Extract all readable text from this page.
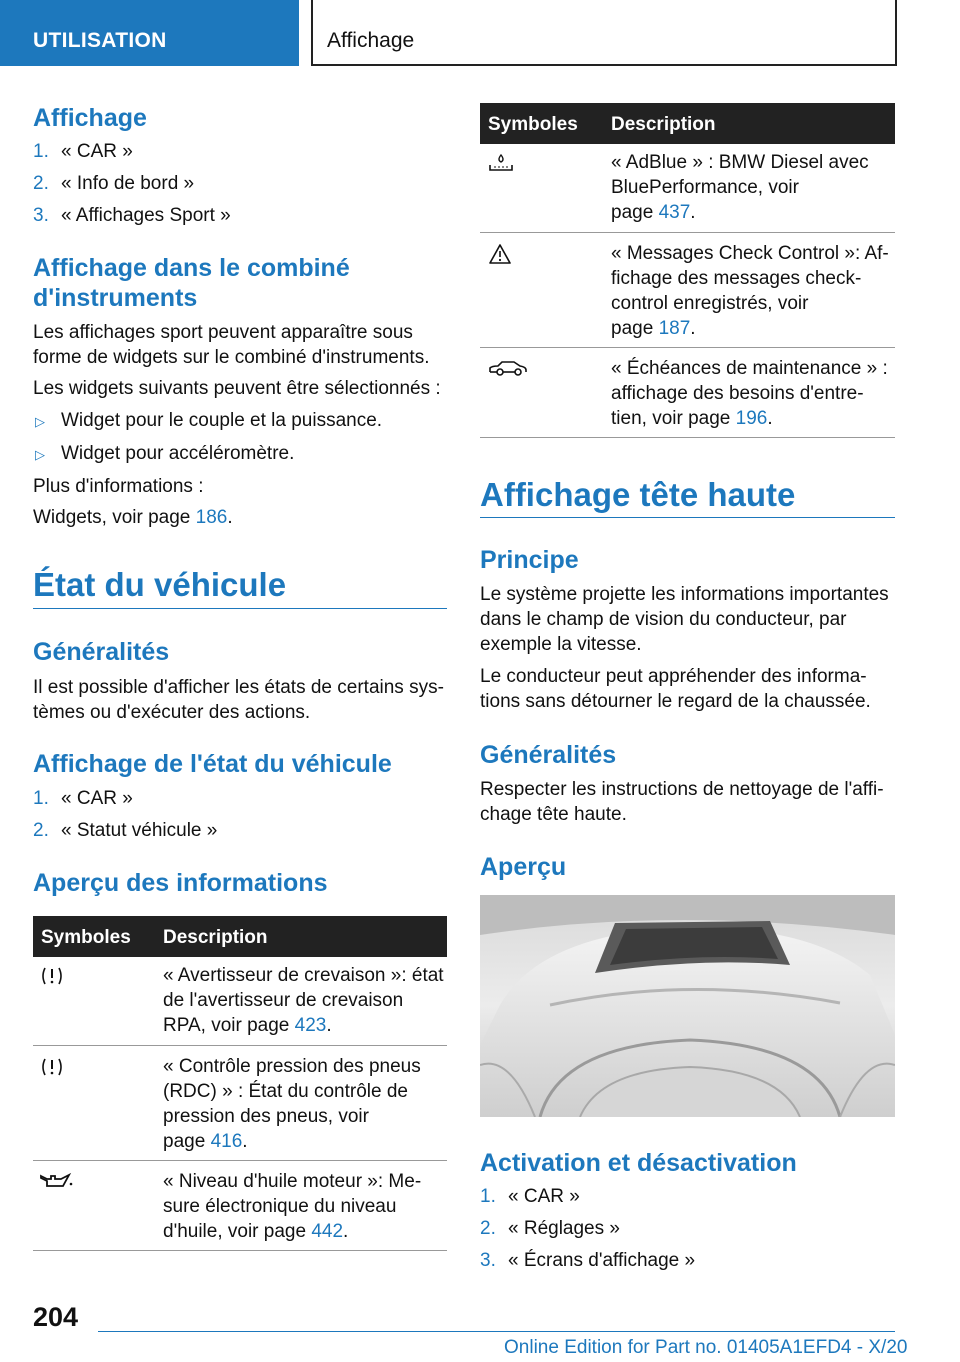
UTILISATION	Affichage
Affichage
1. « CAR »
2. « Info de bord »
3. « Affichages Sport »
Affichage dans le combiné
d'instruments
Les affichages sport peuvent apparaître sous
forme de widgets sur le combiné d'instruments.
Les widgets suivants peuvent être sélectionnés :
▷ Widget pour le couple et la puissance.
▷ Widget pour accéléromètre.
Plus d'informations :
Widgets, voir page 186.
État du véhicule
Généralités
Il est possible d'afficher les états de certains sys-
tèmes ou d'exécuter des actions.
Affichage de l'état du véhicule
1. « CAR »
2. « Statut véhicule »
Aperçu des informations
Symboles Description
« Avertisseur de crevaison »: état
de l'avertisseur de crevaison
RPA, voir page 423.
« Contrôle pression des pneus
(RDC) » : État du contrôle de
pression des pneus, voir
page 416.
« Niveau d'huile moteur »: Me-
sure électronique du niveau
d'huile, voir page 442.
Symboles Description
« AdBlue » : BMW Diesel avec
BluePerformance, voir
page 437.
« Messages Check Control »: Af-
fichage des messages check-
control enregistrés, voir
page 187.
« Échéances de maintenance » :
affichage des besoins d'entre-
tien, voir page 196.
Affichage tête haute
Principe
Le système projette les informations importantes
dans le champ de vision du conducteur, par
exemple la vitesse.
Le conducteur peut appréhender des informa-
tions sans détourner le regard de la chaussée.
Généralités
Respecter les instructions de nettoyage de l'affi-
chage tête haute.
Aperçu
Activation et désactivation
1. « CAR »
2. « Réglages »
3. « Écrans d'affichage »
204
Online Edition for Part no. 01405A1EFD4 - X/20
